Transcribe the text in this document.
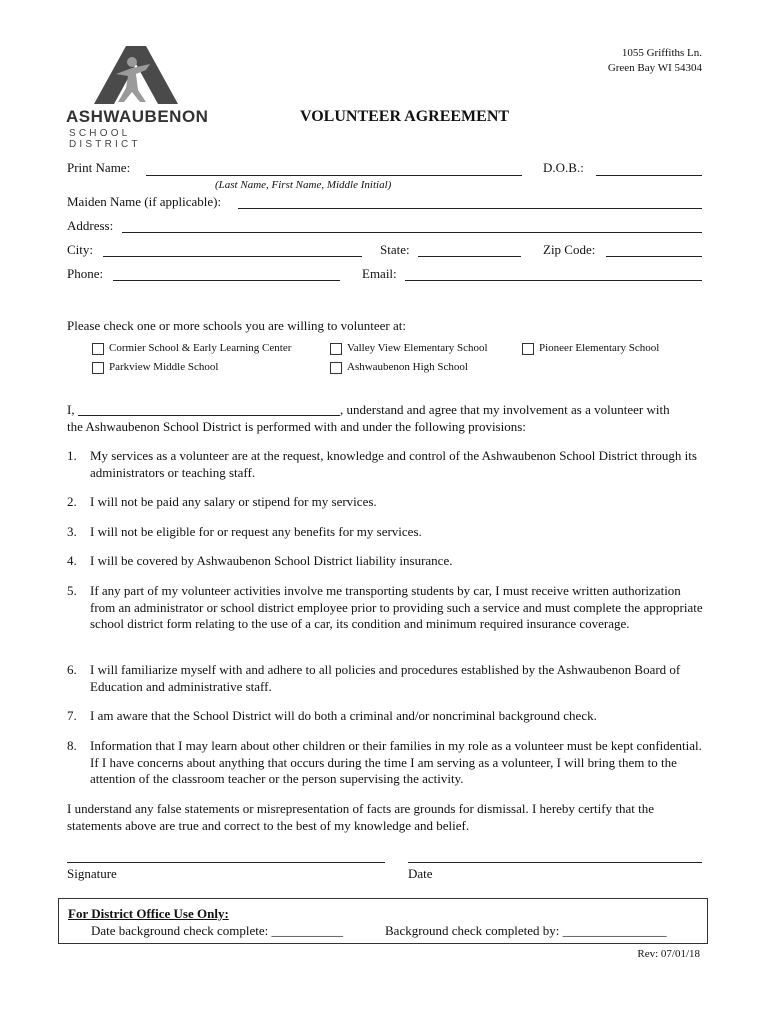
ASHWAUBENON
SCHOOL DISTRICT
1055 Griffiths Ln.
Green Bay WI 54304
VOLUNTEER AGREEMENT
Print Name:	D.O.B.:
(Last Name, First Name, Middle Initial)
Maiden Name (if applicable):
Address:
City:	State:	Zip Code:
Phone:	Email:
Please check one or more schools you are willing to volunteer at:
Cormier School & Early Learning Center	Valley View Elementary School	Pioneer Elementary School
Parkview Middle School	Ashwaubenon High School
I,	, understand and agree that my involvement as a volunteer with
the Ashwaubenon School District is performed with and under the following provisions:
1. My services as a volunteer are at the request, knowledge and control of the Ashwaubenon School District through its administrators or teaching staff.
2. I will not be paid any salary or stipend for my services.
3. I will not be eligible for or request any benefits for my services.
4. I will be covered by Ashwaubenon School District liability insurance.
5. If any part of my volunteer activities involve me transporting students by car, I must receive written authorization from an administrator or school district employee prior to providing such a service and must complete the appropriate school district form relating to the use of a car, its condition and minimum required insurance coverage.
6. I will familiarize myself with and adhere to all policies and procedures established by the Ashwaubenon Board of Education and administrative staff.
7. I am aware that the School District will do both a criminal and/or noncriminal background check.
8. Information that I may learn about other children or their families in my role as a volunteer must be kept confidential. If I have concerns about anything that occurs during the time I am serving as a volunteer, I will bring them to the attention of the classroom teacher or the person supervising the activity.
I understand any false statements or misrepresentation of facts are grounds for dismissal. I hereby certify that the statements above are true and correct to the best of my knowledge and belief.
Signature	Date
For District Office Use Only:
Date background check complete: ___________	Background check completed by: ________________
Rev: 07/01/18
